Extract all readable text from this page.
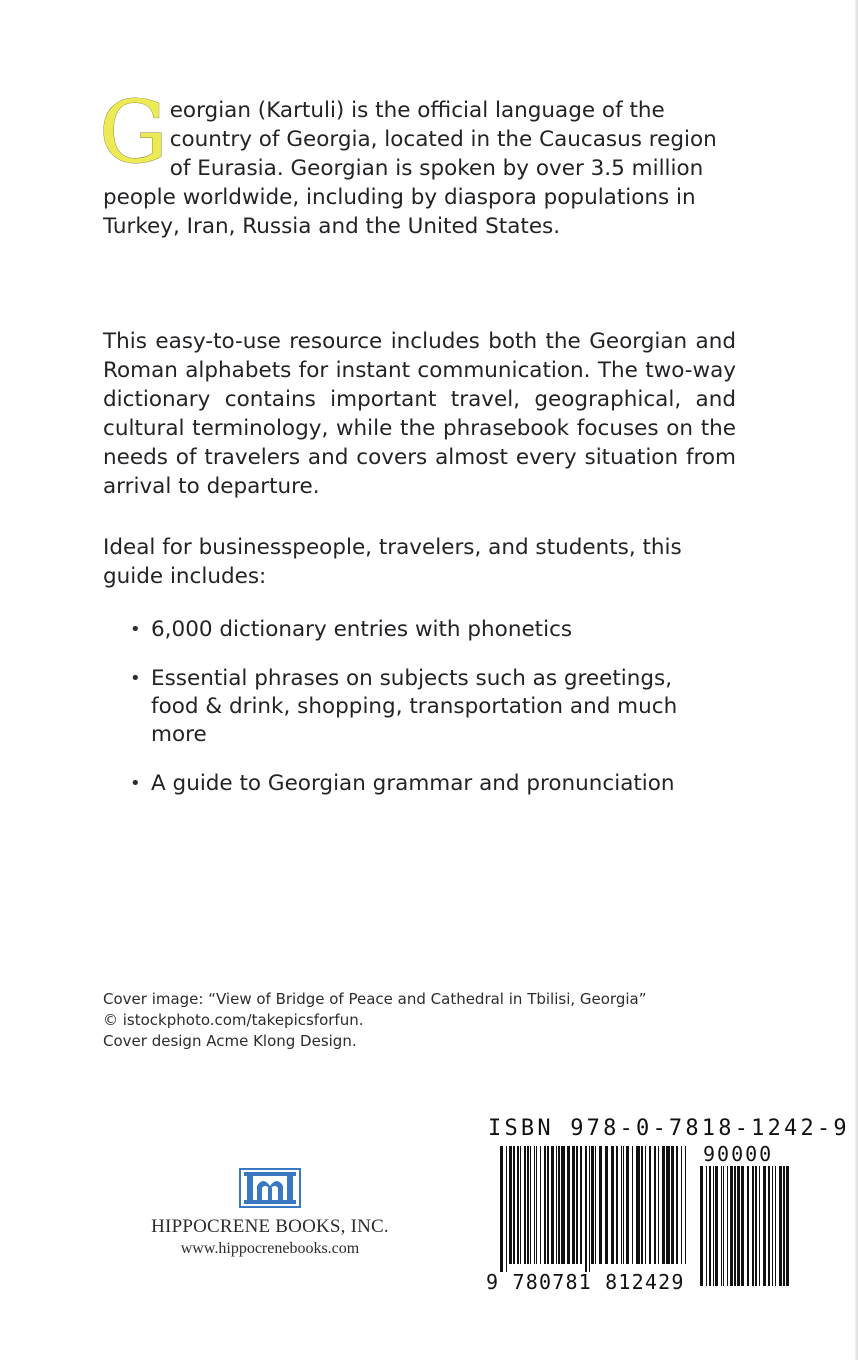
G eorgian (Kartuli) is the official language of the country of Georgia, located in the Caucasus region of Eurasia. Georgian is spoken by over 3.5 million people worldwide, including by diaspora populations in Turkey, Iran, Russia and the United States.
This easy-to-use resource includes both the Georgian and Roman alphabets for instant communication. The two-way dictionary contains important travel, geographical, and cultural terminology, while the phrasebook focuses on the needs of travelers and covers almost every situation from arrival to departure.
Ideal for businesspeople, travelers, and students, this guide includes:
• 6,000 dictionary entries with phonetics
• Essential phrases on subjects such as greetings, food & drink, shopping, transportation and much more
• A guide to Georgian grammar and pronunciation
Cover image: “View of Bridge of Peace and Cathedral in Tbilisi, Georgia”
© istockphoto.com/takepicsforfun.
Cover design Acme Klong Design.
HIPPOCRENE BOOKS, INC.
www.hippocrenebooks.com
ISBN 978-0-7818-1242-9
90000
9 780781 812429
